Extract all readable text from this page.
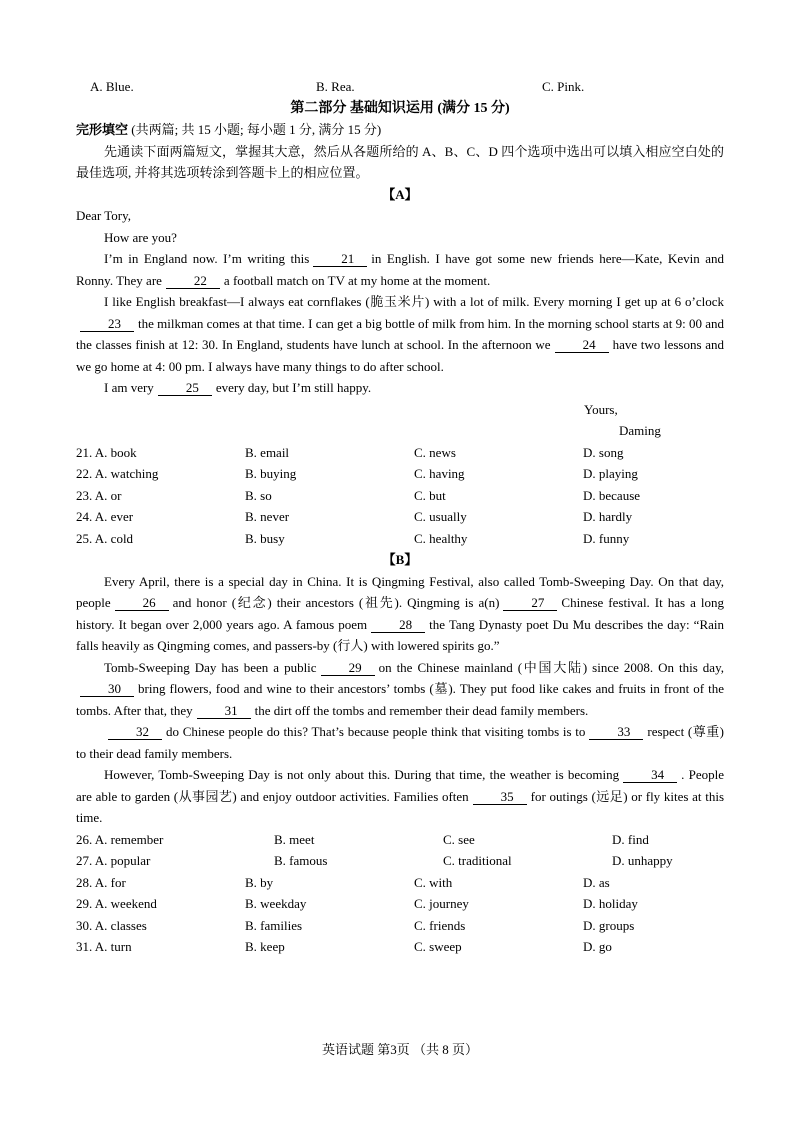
A. Blue.	B. Rea.	C. Pink.

第二部分 基础知识运用 (满分 15 分)

完形填空 (共两篇; 共 15 小题; 每小题 1 分, 满分 15 分)

先通读下面两篇短文，掌握其大意，然后从各题所给的 A、B、C、D 四个选项中选出可以填入相应空白处的最佳选项, 并将其选项转涂到答题卡上的相应位置。

【A】

Dear Tory,

How are you?

I’m in England now. I’m writing this 21 in English. I have got some new friends here—Kate, Kevin and Ronny. They are 22 a football match on TV at my home at the moment.

I like English breakfast—I always eat cornflakes (脆玉米片) with a lot of milk. Every morning I get up at 6 o’clock23 the milkman comes at that time. I can get a big bottle of milk from him. In the morning school starts at 9: 00 and the classes finish at 12: 30. In England, students have lunch at school. In the afternoon we 24 have two lessons and we go home at 4: 00 pm. I always have many things to do after school.

I am very 25 every day, but I’m still happy.

Yours,

Daming

21. A. book	B. email	C. news	D. song
22. A. watching	B. buying	C. having	D. playing
23. A. or	B. so	C. but	D. because
24. A. ever	B. never	C. usually	D. hardly
25. A. cold	B. busy	C. healthy	D. funny

【B】

Every April, there is a special day in China. It is Qingming Festival, also called Tomb-Sweeping Day. On that day, people 26 and honor (纪念) their ancestors (祖先). Qingming is a(n) 27 Chinese festival. It has a long history. It began over 2,000 years ago. A famous poem 28 the Tang Dynasty poet Du Mu describes the day: “Rain falls heavily as Qingming comes, and passers-by (行人) with lowered spirits go.”

Tomb-Sweeping Day has been a public 29 on the Chinese mainland (中国大陆) since 2008. On this day,30 bring flowers, food and wine to their ancestors’ tombs (墓). They put food like cakes and fruits in front of the tombs. After that, they 31 the dirt off the tombs and remember their dead family members.

32 do Chinese people do this? That’s because people think that visiting tombs is to 33 respect (尊重) to their dead family members.

However, Tomb-Sweeping Day is not only about this. During that time, the weather is becoming 34 . People are able to garden (从事园艺) and enjoy outdoor activities. Families often 35 for outings (远足) or fly kites at this time.

26. A. remember	B. meet	C. see	D. find
27. A. popular	B. famous	C. traditional	D. unhappy
28. A. for	B. by	C. with	D. as
29. A. weekend	B. weekday	C. journey	D. holiday
30. A. classes	B. families	C. friends	D. groups
31. A. turn	B. keep	C. sweep	D. go
英语试题 第3页 （共 8 页）
